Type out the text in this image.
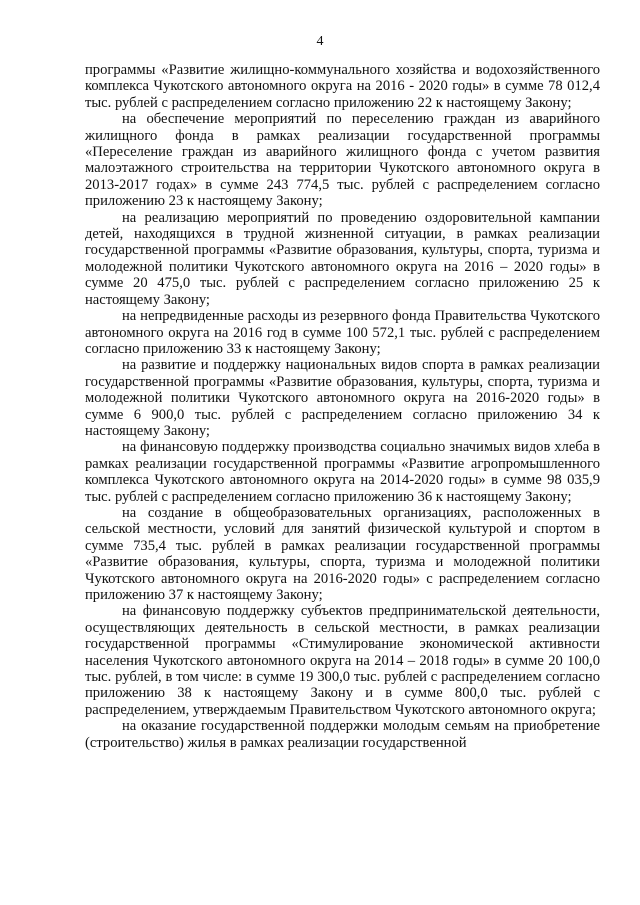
4

программы «Развитие жилищно-коммунального хозяйства и водохозяйственного комплекса Чукотского автономного округа на 2016 - 2020 годы» в сумме 78 012,4 тыс. рублей с распределением согласно приложению 22 к настоящему Закону;

на обеспечение мероприятий по переселению граждан из аварийного жилищного фонда в рамках реализации государственной программы «Переселение граждан из аварийного жилищного фонда с учетом развития малоэтажного строительства на территории Чукотского автономного округа в 2013-2017 годах» в сумме 243 774,5 тыс. рублей с распределением согласно приложению 23 к настоящему Закону;

на реализацию мероприятий по проведению оздоровительной кампании детей, находящихся в трудной жизненной ситуации, в рамках реализации государственной программы «Развитие образования, культуры, спорта, туризма и молодежной политики Чукотского автономного округа на 2016 – 2020 годы» в сумме 20 475,0 тыс. рублей с распределением согласно приложению 25 к настоящему Закону;

на непредвиденные расходы из резервного фонда Правительства Чукотского автономного округа на 2016 год в сумме 100 572,1 тыс. рублей с распределением согласно приложению 33 к настоящему Закону;

на развитие и поддержку национальных видов спорта в рамках реализации государственной программы «Развитие образования, культуры, спорта, туризма и молодежной политики Чукотского автономного округа на 2016-2020 годы» в сумме 6 900,0 тыс. рублей с распределением согласно приложению 34 к настоящему Закону;

на финансовую поддержку производства социально значимых видов хлеба в рамках реализации государственной программы «Развитие агропромышленного комплекса Чукотского автономного округа на 2014-2020 годы» в сумме 98 035,9 тыс. рублей с распределением согласно приложению 36 к настоящему Закону;

на создание в общеобразовательных организациях, расположенных в сельской местности, условий для занятий физической культурой и спортом в сумме 735,4 тыс. рублей в рамках реализации государственной программы «Развитие образования, культуры, спорта, туризма и молодежной политики Чукотского автономного округа на 2016-2020 годы» с распределением согласно приложению 37 к настоящему Закону;

на финансовую поддержку субъектов предпринимательской деятельности, осуществляющих деятельность в сельской местности, в рамках реализации государственной программы «Стимулирование экономической активности населения Чукотского автономного округа на 2014 – 2018 годы» в сумме 20 100,0 тыс. рублей, в том числе: в сумме 19 300,0 тыс. рублей с распределением согласно приложению 38 к настоящему Закону и в сумме 800,0 тыс. рублей с распределением, утверждаемым Правительством Чукотского автономного округа;

на оказание государственной поддержки молодым семьям на приобретение (строительство) жилья в рамках реализации государственной
